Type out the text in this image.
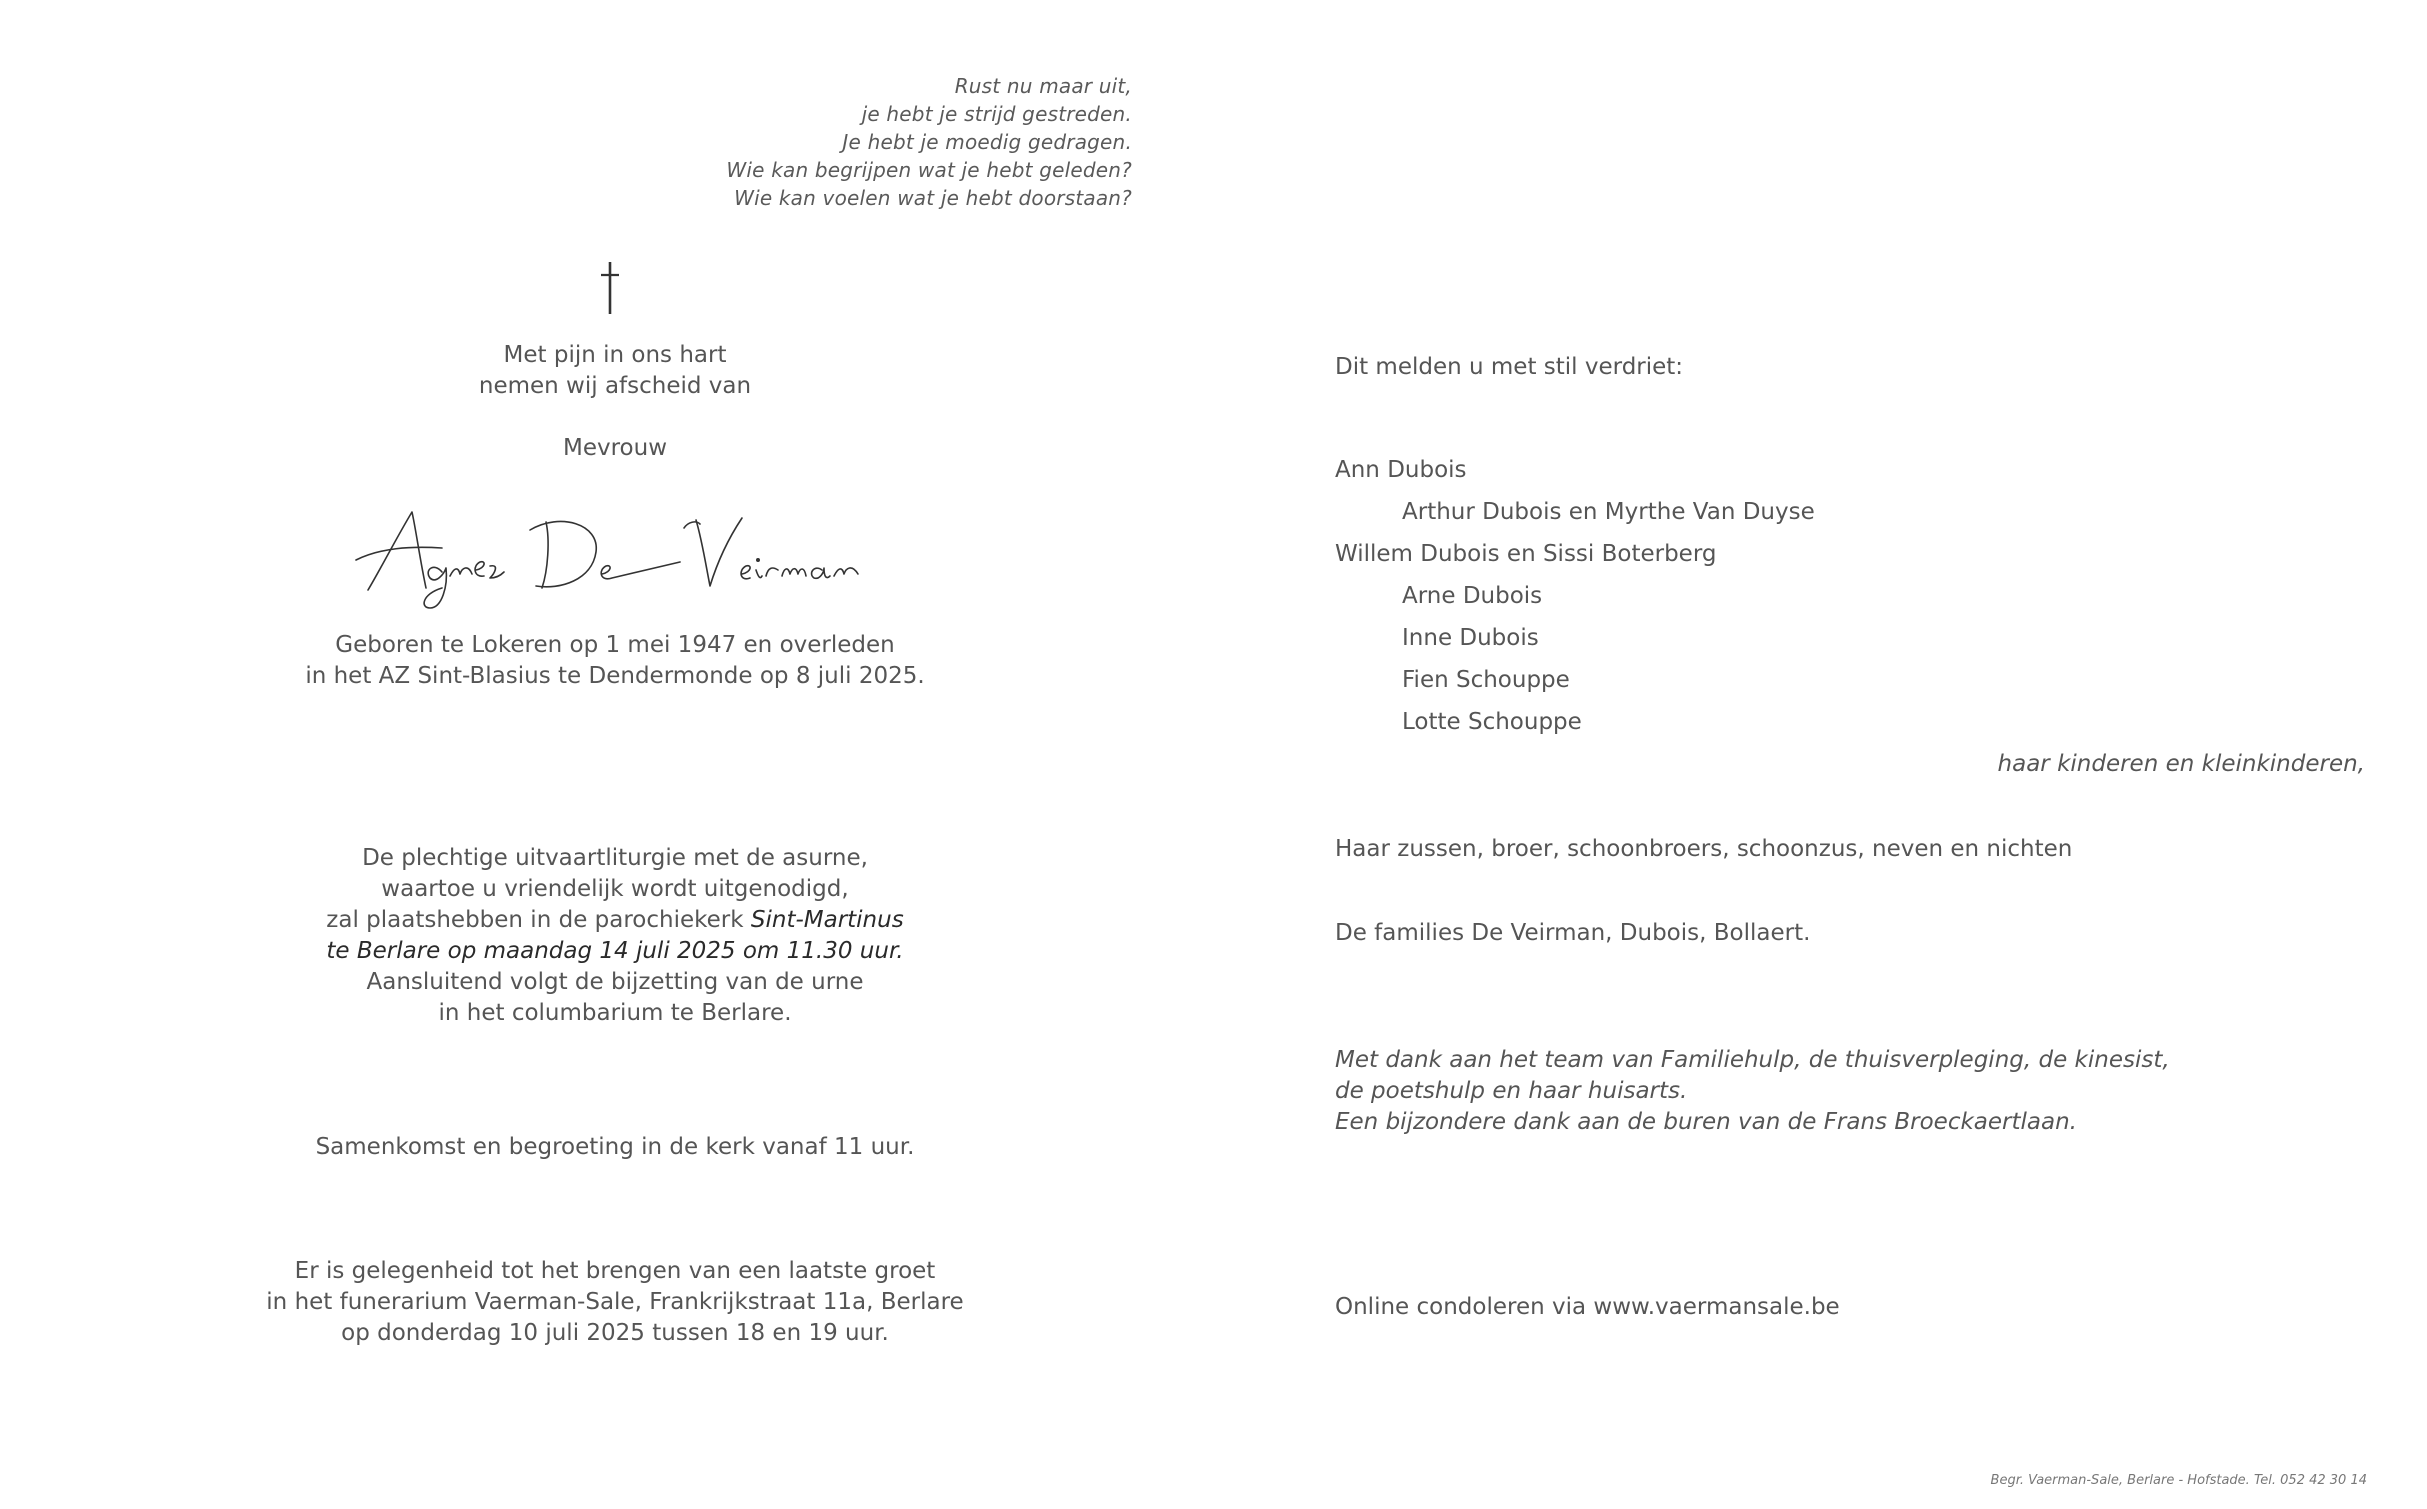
Rust nu maar uit,
je hebt je strijd gestreden.
Je hebt je moedig gedragen.
Wie kan begrijpen wat je hebt geleden?
Wie kan voelen wat je hebt doorstaan?
Met pijn in ons hart
nemen wij afscheid van
Mevrouw
Geboren te Lokeren op 1 mei 1947 en overleden
in het AZ Sint-Blasius te Dendermonde op 8 juli 2025.
De plechtige uitvaartliturgie met de asurne,
waartoe u vriendelijk wordt uitgenodigd,
zal plaatshebben in de parochiekerk Sint-Martinus
te Berlare op maandag 14 juli 2025 om 11.30 uur.
Aansluitend volgt de bijzetting van de urne
in het columbarium te Berlare.
Samenkomst en begroeting in de kerk vanaf 11 uur.
Er is gelegenheid tot het brengen van een laatste groet
in het funerarium Vaerman-Sale, Frankrijkstraat 11a, Berlare
op donderdag 10 juli 2025 tussen 18 en 19 uur.
Dit melden u met stil verdriet:
Ann Dubois
Arthur Dubois en Myrthe Van Duyse
Willem Dubois en Sissi Boterberg
Arne Dubois
Inne Dubois
Fien Schouppe
Lotte Schouppe
haar kinderen en kleinkinderen,
Haar zussen, broer, schoonbroers, schoonzus, neven en nichten
De families De Veirman, Dubois, Bollaert.
Met dank aan het team van Familiehulp, de thuisverpleging, de kinesist,
de poetshulp en haar huisarts.
Een bijzondere dank aan de buren van de Frans Broeckaertlaan.
Online condoleren via www.vaermansale.be
Begr. Vaerman-Sale, Berlare - Hofstade. Tel. 052 42 30 14
